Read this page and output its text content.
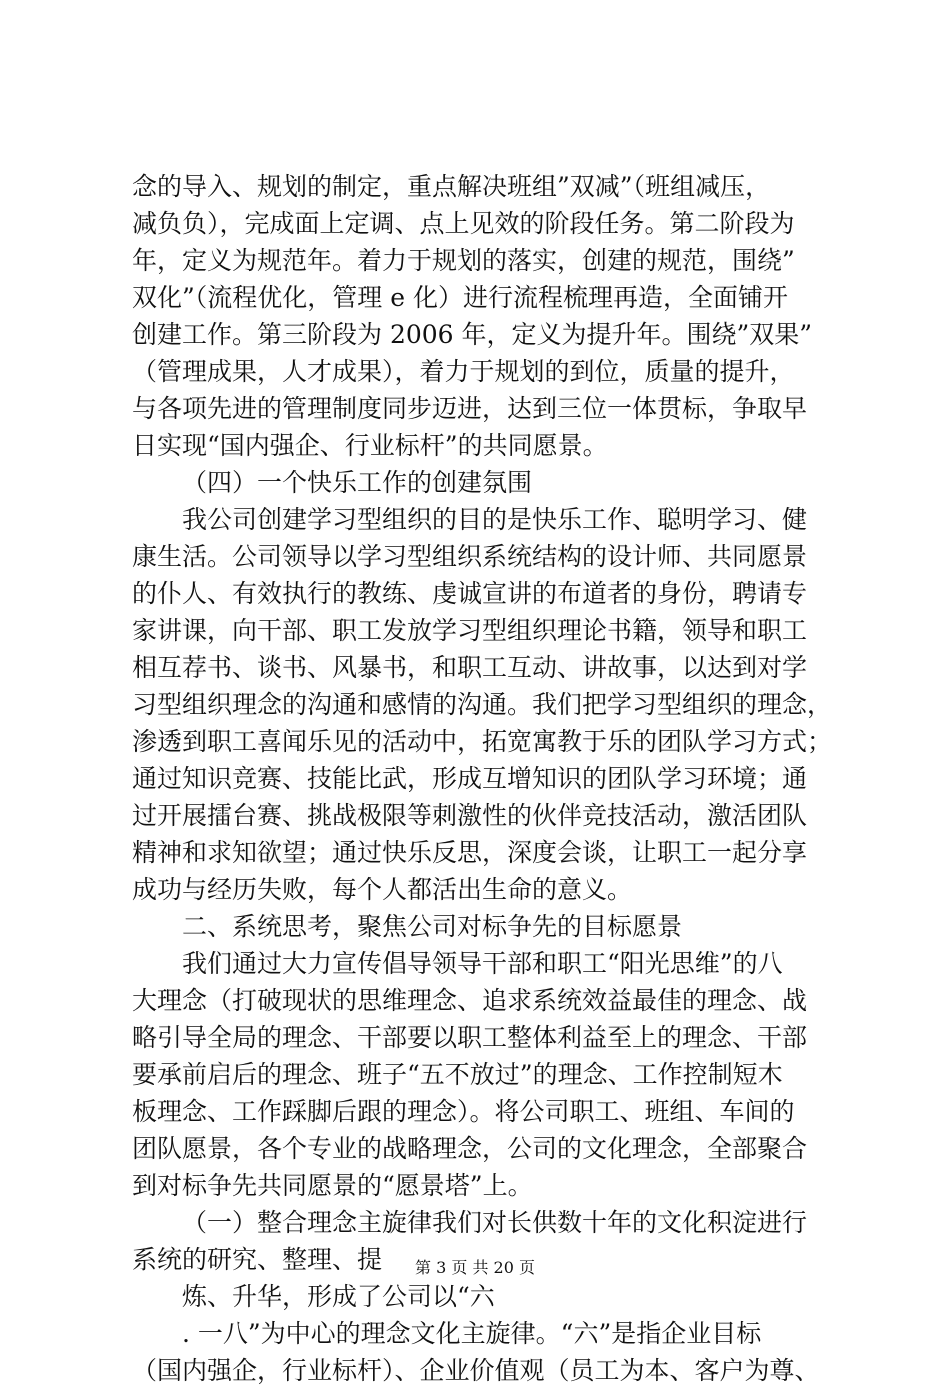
念的导入、规划的制定，重点解决班组”双减”（班组减压，
减负负），完成面上定调、点上见效的阶段任务。第二阶段为
年，定义为规范年。着力于规划的落实，创建的规范，围绕”
双化”（流程优化，管理 e 化）进行流程梳理再造，全面铺开
创建工作。第三阶段为 2006 年，定义为提升年。围绕”双果”
（管理成果，人才成果），着力于规划的到位，质量的提升，
与各项先进的管理制度同步迈进，达到三位一体贯标，争取早
日实现“国内强企、行业标杆”的共同愿景。
（四）一个快乐工作的创建氛围
我公司创建学习型组织的目的是快乐工作、聪明学习、健
康生活。公司领导以学习型组织系统结构的设计师、共同愿景
的仆人、有效执行的教练、虔诚宣讲的布道者的身份，聘请专
家讲课，向干部、职工发放学习型组织理论书籍，领导和职工
相互荐书、谈书、风暴书，和职工互动、讲故事，以达到对学
习型组织理念的沟通和感情的沟通。我们把学习型组织的理念，
渗透到职工喜闻乐见的活动中，拓宽寓教于乐的团队学习方式；
通过知识竞赛、技能比武，形成互增知识的团队学习环境；通
过开展擂台赛、挑战极限等刺激性的伙伴竞技活动，激活团队
精神和求知欲望；通过快乐反思，深度会谈，让职工一起分享
成功与经历失败，每个人都活出生命的意义。
二、系统思考，聚焦公司对标争先的目标愿景
我们通过大力宣传倡导领导干部和职工“阳光思维”的八
大理念（打破现状的思维理念、追求系统效益最佳的理念、战
略引导全局的理念、干部要以职工整体利益至上的理念、干部
要承前启后的理念、班子“五不放过”的理念、工作控制短木
板理念、工作踩脚后跟的理念）。将公司职工、班组、车间的
团队愿景，各个专业的战略理念，公司的文化理念，全部聚合
到对标争先共同愿景的“愿景塔”上。
（一）整合理念主旋律我们对长供数十年的文化积淀进行
系统的研究、整理、提
炼、升华，形成了公司以“六
. 一八”为中心的理念文化主旋律。“六”是指企业目标
（国内强企，行业标杆）、企业价值观（员工为本、客户为尊、
第 3 页 共 20 页
